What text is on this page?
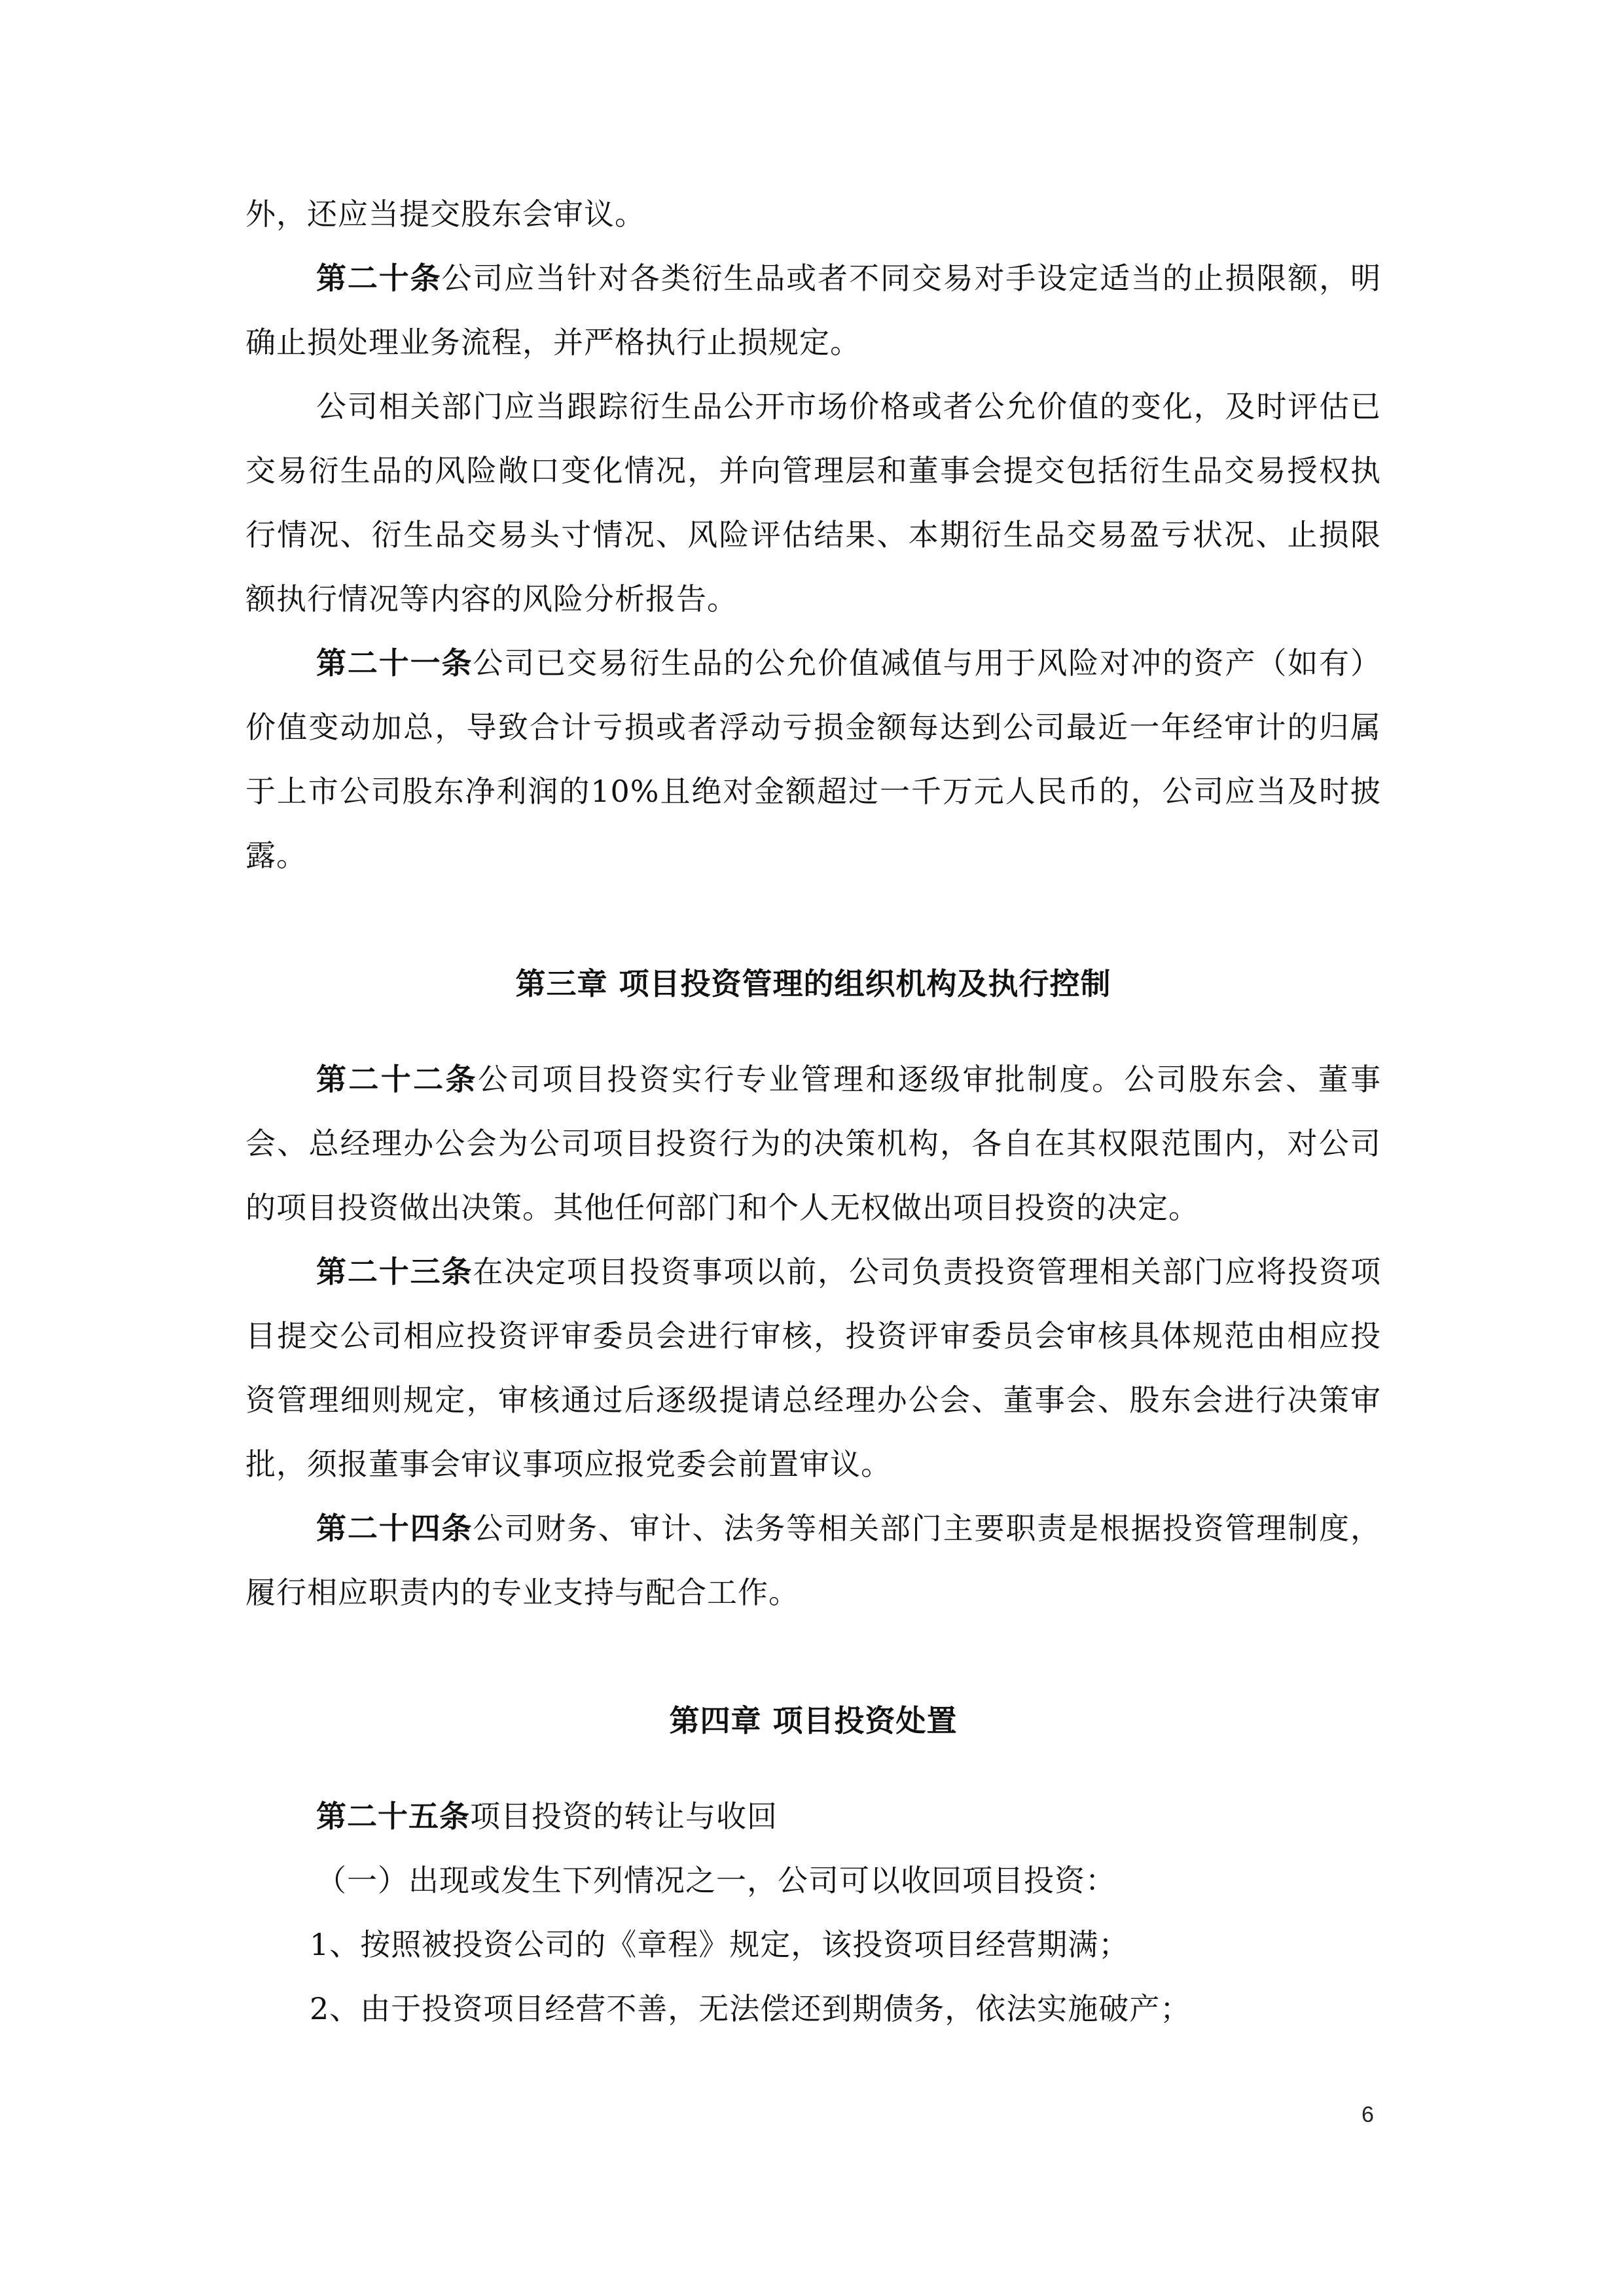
外，还应当提交股东会审议。

第二十条公司应当针对各类衍生品或者不同交易对手设定适当的止损限额，明确止损处理业务流程，并严格执行止损规定。

公司相关部门应当跟踪衍生品公开市场价格或者公允价值的变化，及时评估已交易衍生品的风险敞口变化情况，并向管理层和董事会提交包括衍生品交易授权执行情况、衍生品交易头寸情况、风险评估结果、本期衍生品交易盈亏状况、止损限额执行情况等内容的风险分析报告。

第二十一条公司已交易衍生品的公允价值减值与用于风险对冲的资产（如有）价值变动加总，导致合计亏损或者浮动亏损金额每达到公司最近一年经审计的归属于上市公司股东净利润的10%且绝对金额超过一千万元人民币的，公司应当及时披露。

第三章 项目投资管理的组织机构及执行控制

第二十二条公司项目投资实行专业管理和逐级审批制度。公司股东会、董事会、总经理办公会为公司项目投资行为的决策机构，各自在其权限范围内，对公司的项目投资做出决策。其他任何部门和个人无权做出项目投资的决定。

第二十三条在决定项目投资事项以前，公司负责投资管理相关部门应将投资项目提交公司相应投资评审委员会进行审核，投资评审委员会审核具体规范由相应投资管理细则规定，审核通过后逐级提请总经理办公会、董事会、股东会进行决策审批，须报董事会审议事项应报党委会前置审议。

第二十四条公司财务、审计、法务等相关部门主要职责是根据投资管理制度，履行相应职责内的专业支持与配合工作。

第四章 项目投资处置

第二十五条项目投资的转让与收回

（一）出现或发生下列情况之一，公司可以收回项目投资：

1、按照被投资公司的《章程》规定，该投资项目经营期满；

2、由于投资项目经营不善，无法偿还到期债务，依法实施破产；

6
